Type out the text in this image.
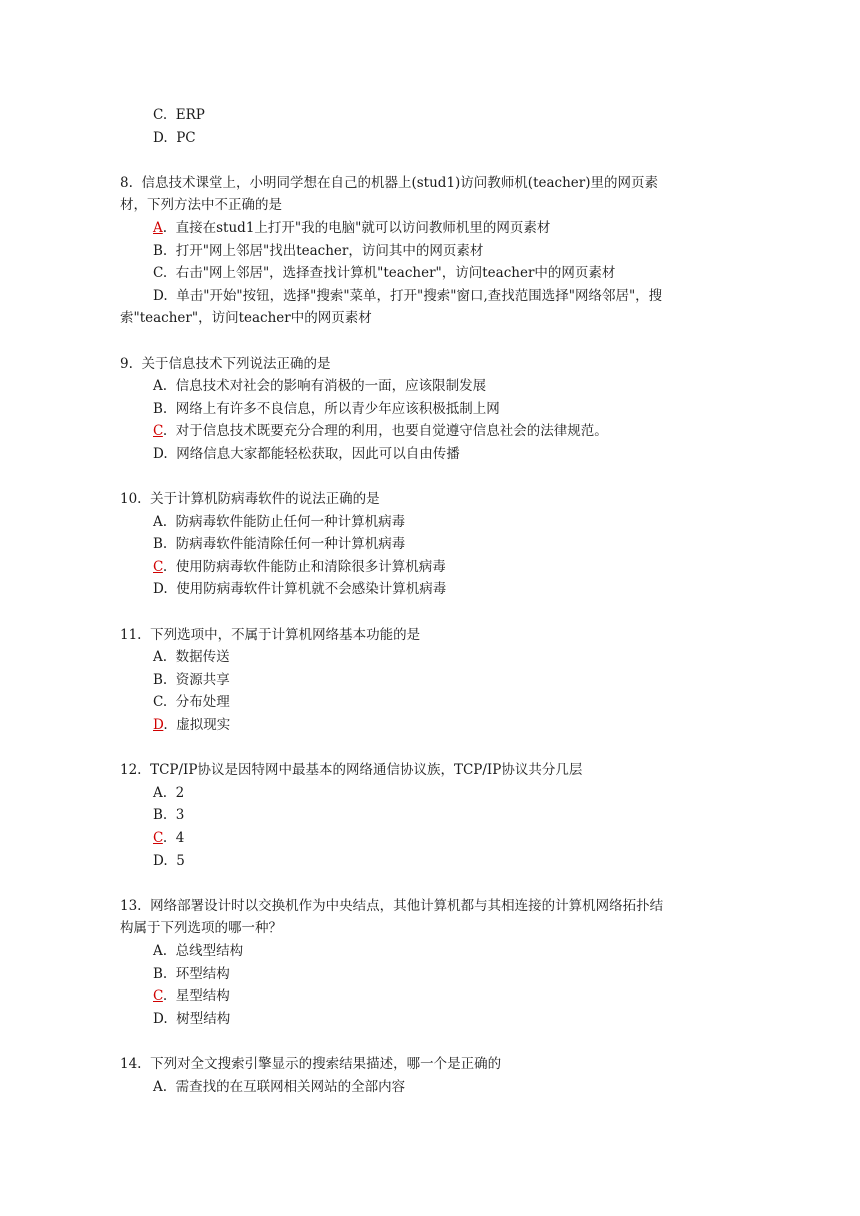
C.  ERP
D.  PC
8. 信息技术课堂上，小明同学想在自己的机器上(stud1)访问教师机(teacher)里的网页素
材，下列方法中不正确的是
A.  直接在stud1上打开"我的电脑"就可以访问教师机里的网页素材
B.  打开"网上邻居"找出teacher，访问其中的网页素材
C.  右击"网上邻居"，选择查找计算机"teacher"，访问teacher中的网页素材
D.  单击"开始"按钮，选择"搜索"菜单，打开"搜索"窗口,查找范围选择"网络邻居"，搜
索"teacher"，访问teacher中的网页素材
9. 关于信息技术下列说法正确的是
A.  信息技术对社会的影响有消极的一面，应该限制发展
B.  网络上有许多不良信息，所以青少年应该积极抵制上网
C.  对于信息技术既要充分合理的利用，也要自觉遵守信息社会的法律规范。
D.  网络信息大家都能轻松获取，因此可以自由传播
10. 关于计算机防病毒软件的说法正确的是
A.  防病毒软件能防止任何一种计算机病毒
B.  防病毒软件能清除任何一种计算机病毒
C.  使用防病毒软件能防止和清除很多计算机病毒
D.  使用防病毒软件计算机就不会感染计算机病毒
11. 下列选项中，不属于计算机网络基本功能的是
A.  数据传送
B.  资源共享
C.  分布处理
D.  虚拟现实
12. TCP/IP协议是因特网中最基本的网络通信协议族，TCP/IP协议共分几层
A.  2
B.  3
C.  4
D.  5
13. 网络部署设计时以交换机作为中央结点，其他计算机都与其相连接的计算机网络拓扑结
构属于下列选项的哪一种？
A.  总线型结构
B.  环型结构
C.  星型结构
D.  树型结构
14. 下列对全文搜索引擎显示的搜索结果描述，哪一个是正确的
A.  需查找的在互联网相关网站的全部内容
